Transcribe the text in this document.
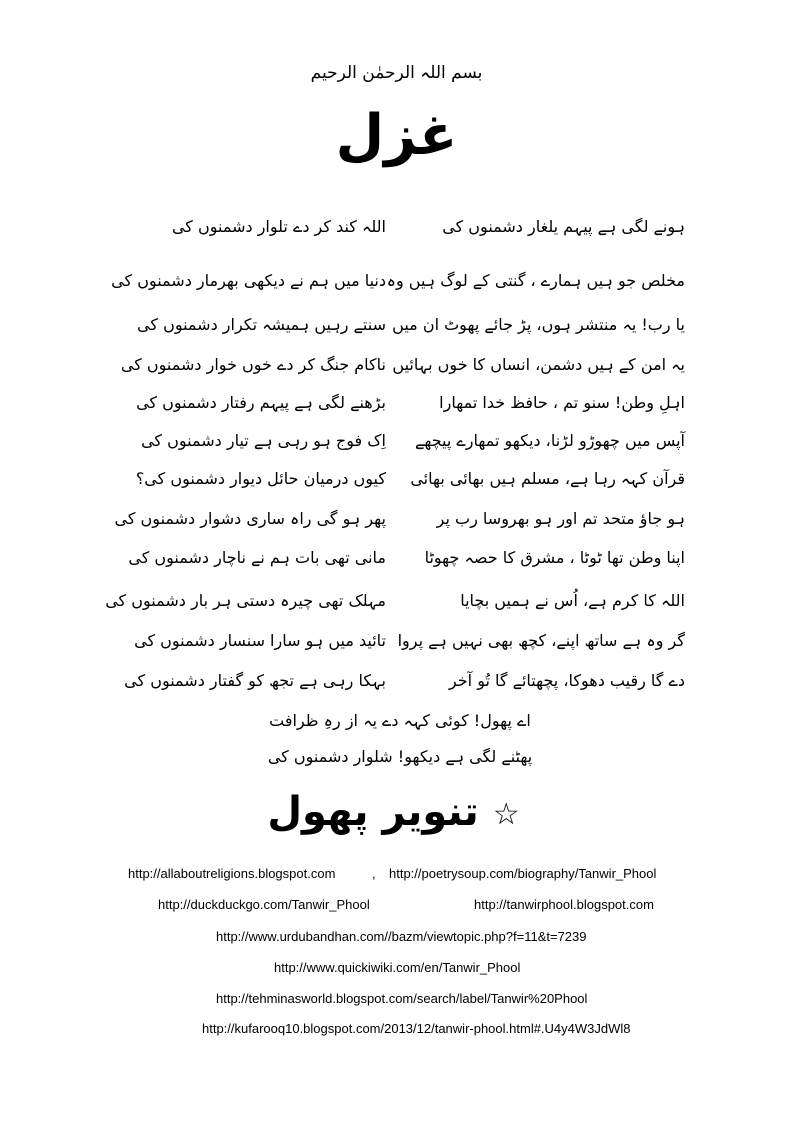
بسم اللہ الرحمٰن الرحیم
غزل
ہونے لگی ہے پیہم یلغار دشمنوں کی
اللہ کند کر دے تلوار دشمنوں کی
مخلص جو ہیں ہمارے ، گنتی کے لوگ ہیں وہ
دنیا میں ہم نے دیکھی بھرمار دشمنوں کی
یا رب! یہ منتشر ہوں، پڑ جائے پھوٹ ان میں
سنتے رہیں ہمیشہ تکرار دشمنوں کی
یہ امن کے ہیں دشمن، انساں کا خوں بہائیں
ناکام جنگ کر دے خوں خوار دشمنوں کی
اہلِ وطن! سنو تم ، حافظ خدا تمھارا
بڑھنے لگی ہے پیہم رفتار دشمنوں کی
آپس میں چھوڑو لڑنا، دیکھو تمھارے پیچھے
اِک فوج ہو رہی ہے تیار دشمنوں کی
قرآن کہہ رہا ہے، مسلم ہیں بھائی بھائی
کیوں درمیان حائل دیوار دشمنوں کی؟
ہو جاؤ متحد تم اور ہو بھروسا رب پر
پھر ہو گی راہ ساری دشوار دشمنوں کی
اپنا وطن تھا ٹوٹا ، مشرق کا حصہ چھوٹا
مانی تھی بات ہم نے ناچار دشمنوں کی
اللہ کا کرم ہے، اُس نے ہمیں بچایا
مہلک تھی چیرہ دستی ہر بار دشمنوں کی
گر وہ ہے ساتھ اپنے، کچھ بھی نہیں ہے پروا
تائید میں ہو سارا سنسار دشمنوں کی
دے گا رقیب دھوکا، پچھتائے گا تُو آخر
بہکا رہی ہے تجھ کو گفتار دشمنوں کی
اے پھول! کوئی کہہ دے یہ از رہِ ظرافت
پھٹنے لگی ہے دیکھو! شلوار دشمنوں کی
تنویر پھول ☆
http://allaboutreligions.blogspot.com	, http://poetrysoup.com/biography/Tanwir_Phool
http://duckduckgo.com/Tanwir_Phool	http://tanwirphool.blogspot.com
http://www.urdubandhan.com//bazm/viewtopic.php?f=11&t=7239
http://www.quickiwiki.com/en/Tanwir_Phool
http://tehminasworld.blogspot.com/search/label/Tanwir%20Phool
http://kufarooq10.blogspot.com/2013/12/tanwir-phool.html#.U4y4W3JdWl8
